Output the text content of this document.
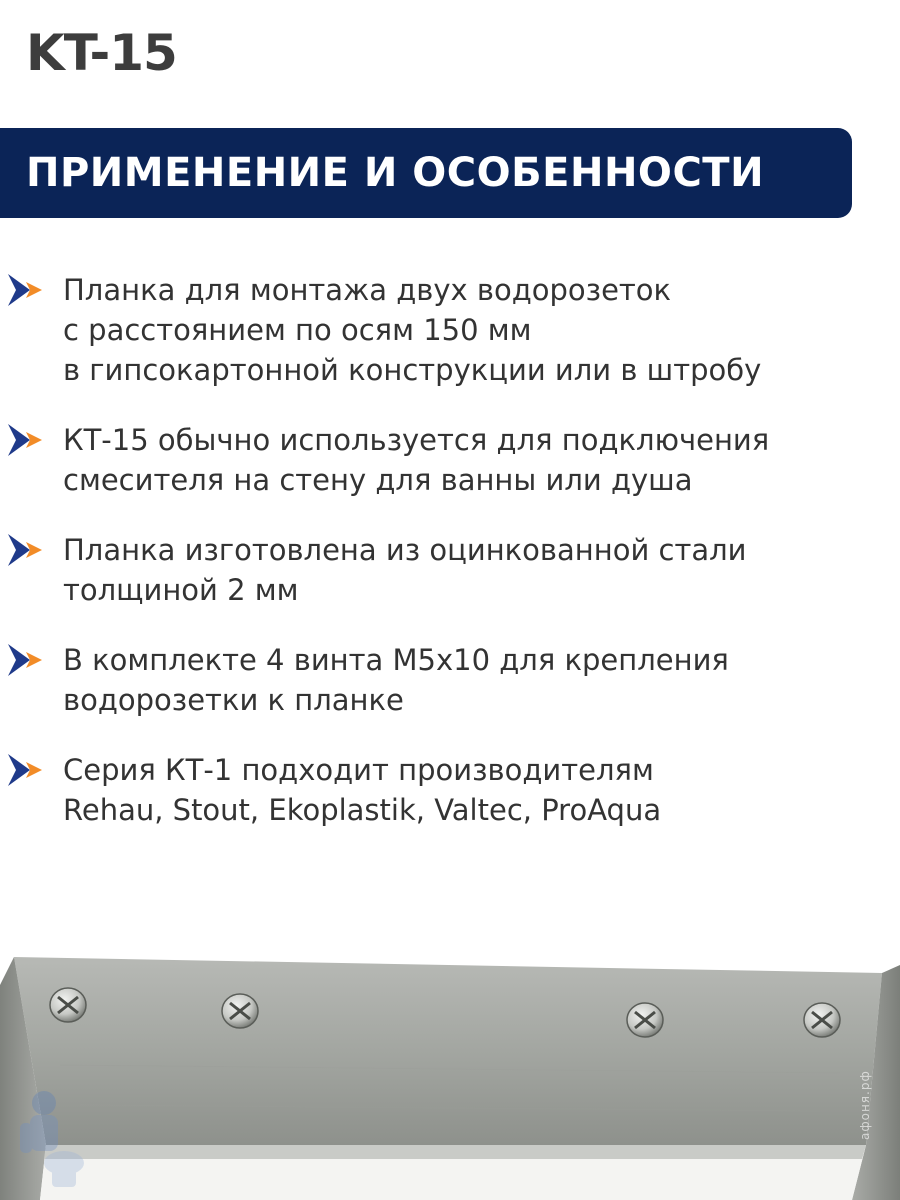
KT-15
ПРИМЕНЕНИЕ И ОСОБЕННОСТИ
Планка для монтажа двух водорозеток
с расстоянием по осям 150 мм
в гипсокартонной конструкции или в штробу
КТ-15 обычно используется для подключения
смесителя на стену для ванны или душа
Планка изготовлена из оцинкованной стали
толщиной 2 мм
В комплекте 4 винта М5х10 для крепления
водорозетки к планке
Серия КТ-1 подходит производителям
Rehau, Stout, Ekoplastik, Valtec, ProAqua
афоня.рф
